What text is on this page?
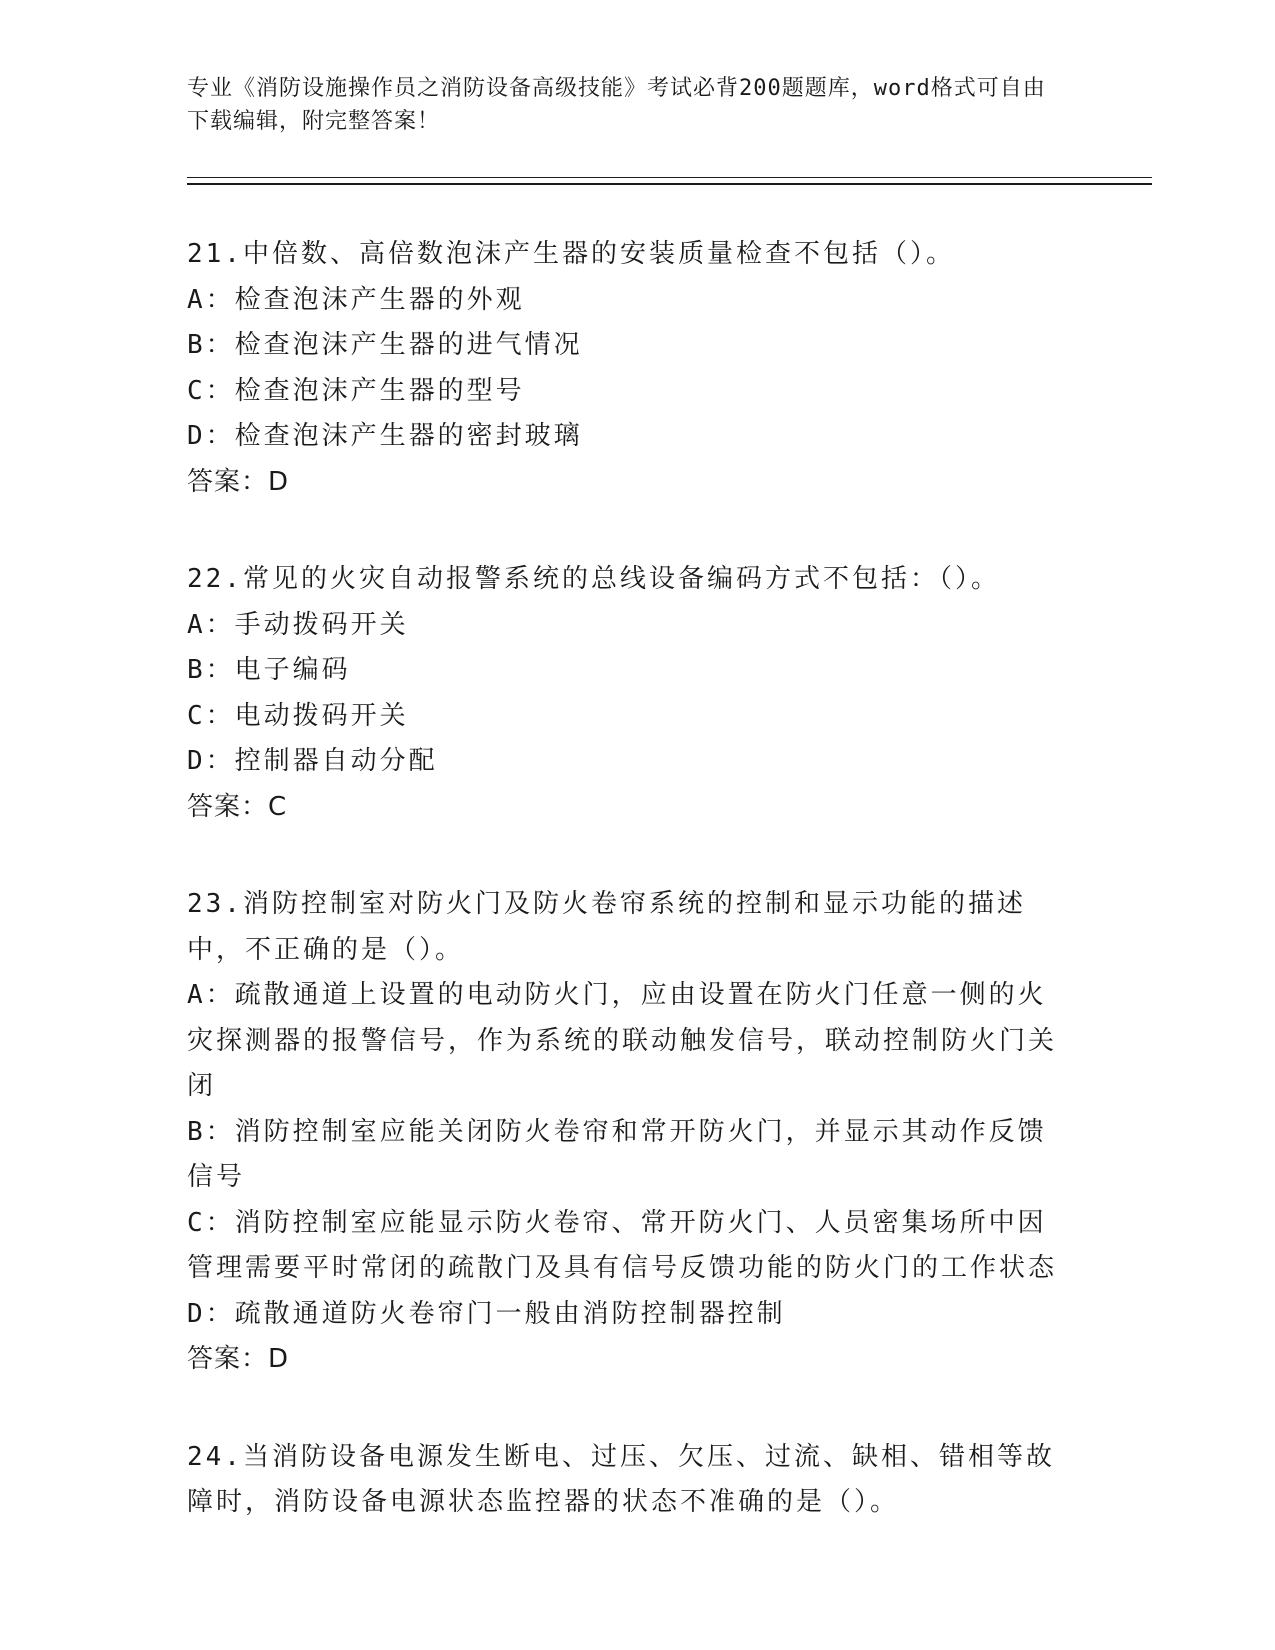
专业《消防设施操作员之消防设备高级技能》考试必背200题题库，word格式可自由下载编辑，附完整答案！
21.中倍数、高倍数泡沫产生器的安装质量检查不包括（）。
A：检查泡沫产生器的外观
B：检查泡沫产生器的进气情况
C：检查泡沫产生器的型号
D：检查泡沫产生器的密封玻璃
答案：D
22.常见的火灾自动报警系统的总线设备编码方式不包括：（）。
A：手动拨码开关
B：电子编码
C：电动拨码开关
D：控制器自动分配
答案：C
23.消防控制室对防火门及防火卷帘系统的控制和显示功能的描述中，不正确的是（）。
A：疏散通道上设置的电动防火门，应由设置在防火门任意一侧的火灾探测器的报警信号，作为系统的联动触发信号，联动控制防火门关闭
B：消防控制室应能关闭防火卷帘和常开防火门，并显示其动作反馈信号
C：消防控制室应能显示防火卷帘、常开防火门、人员密集场所中因管理需要平时常闭的疏散门及具有信号反馈功能的防火门的工作状态
D：疏散通道防火卷帘门一般由消防控制器控制
答案：D
24.当消防设备电源发生断电、过压、欠压、过流、缺相、错相等故障时，消防设备电源状态监控器的状态不准确的是（）。
